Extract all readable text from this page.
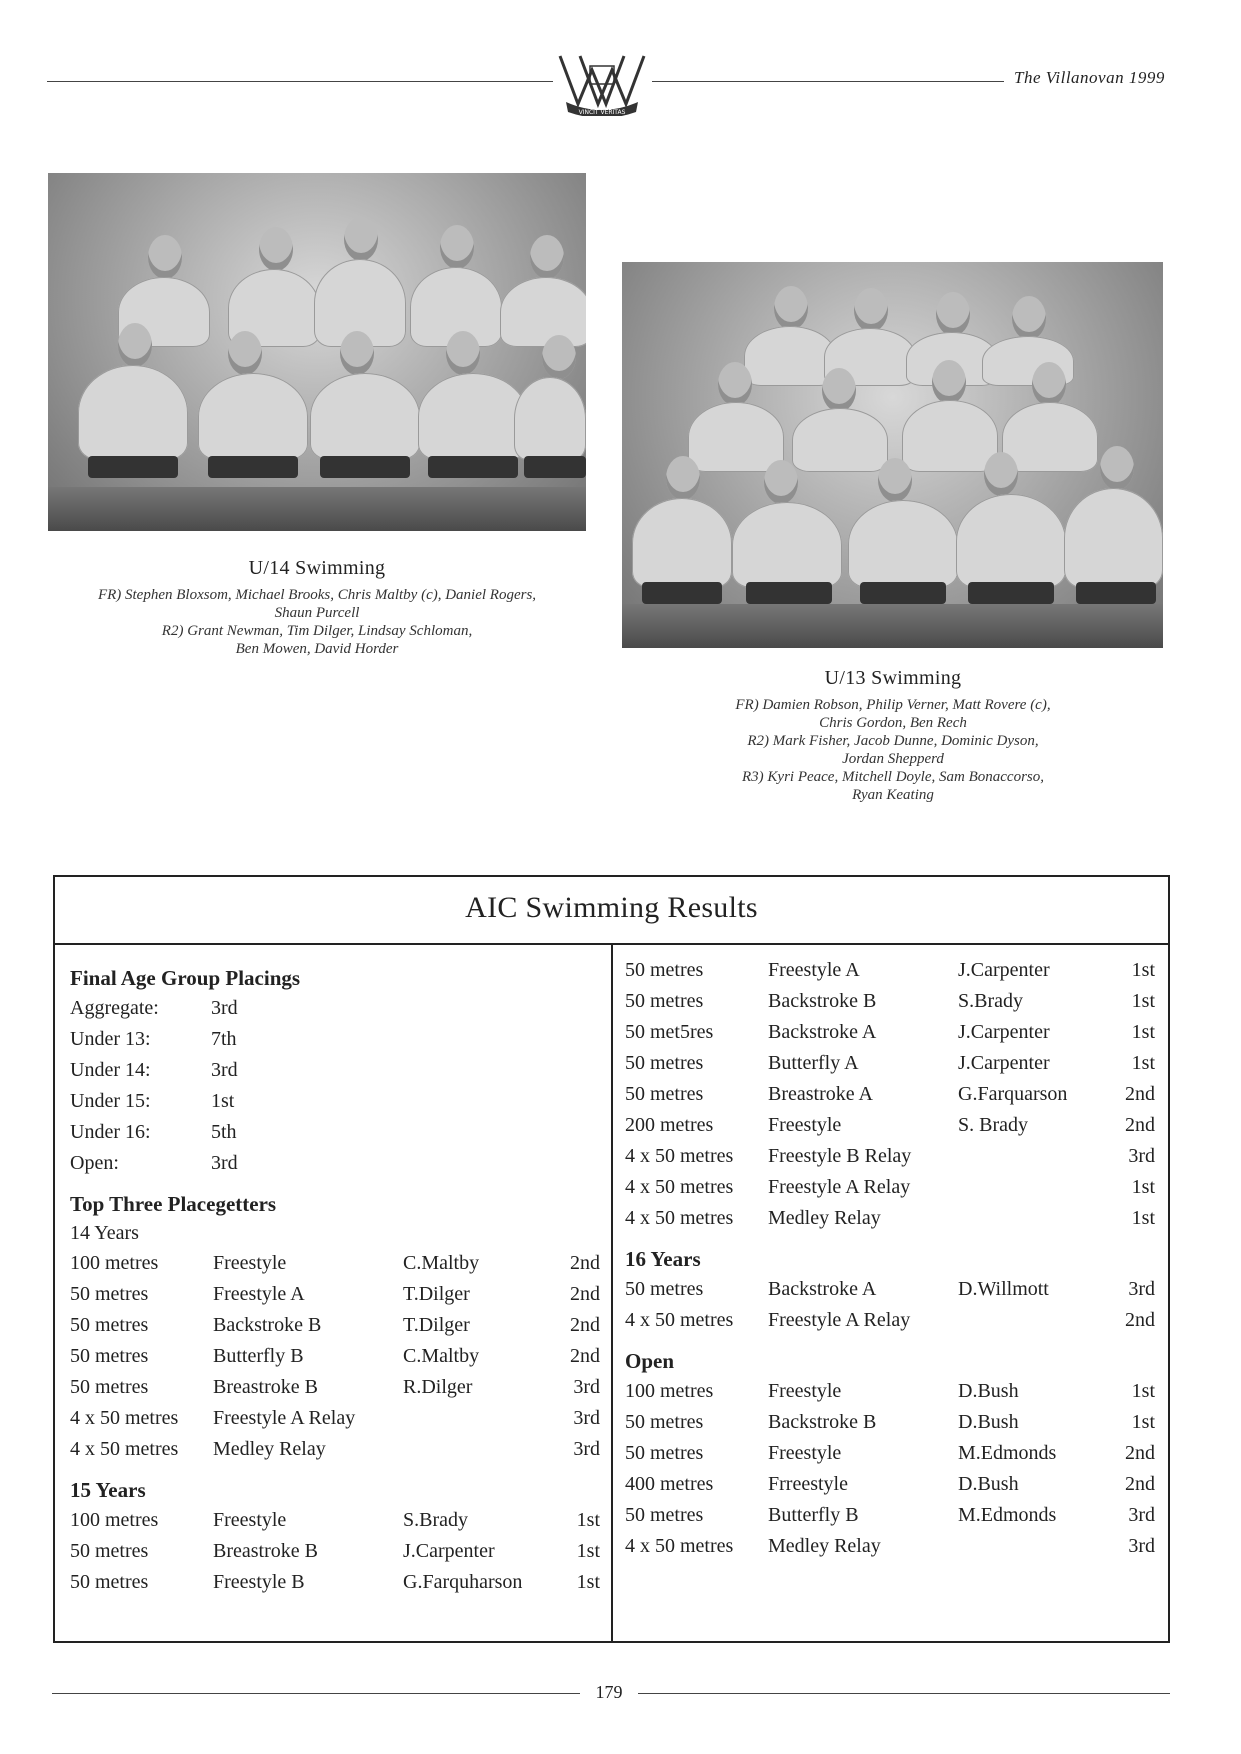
VINCIT VERITAS
The Villanovan 1999
U/14 Swimming
FR) Stephen Bloxsom, Michael Brooks, Chris Maltby (c), Daniel Rogers,
Shaun Purcell
R2) Grant Newman, Tim Dilger, Lindsay Schloman,
Ben Mowen, David Horder
U/13 Swimming
FR) Damien Robson, Philip Verner, Matt Rovere (c),
Chris Gordon, Ben Rech
R2) Mark Fisher, Jacob Dunne, Dominic Dyson,
Jordan Shepperd
R3) Kyri Peace, Mitchell Doyle, Sam Bonaccorso,
Ryan Keating
AIC Swimming Results
Final Age Group Placings
Aggregate:	3rd
Under 13:	7th
Under 14:	3rd
Under 15:	1st
Under 16:	5th
Open:	3rd
Top Three Placegetters
14 Years
100 metres	Freestyle	C.Maltby	2nd
50 metres	Freestyle A	T.Dilger	2nd
50 metres	Backstroke B	T.Dilger	2nd
50 metres	Butterfly B	C.Maltby	2nd
50 metres	Breastroke B	R.Dilger	3rd
4 x 50 metres Freestyle A Relay	3rd
4 x 50 metres Medley Relay	3rd
15 Years
100 metres	Freestyle	S.Brady	1st
50 metres	Breastroke B	J.Carpenter	1st
50 metres	Freestyle B	G.Farquharson	1st
50 metres	Freestyle A	J.Carpenter	1st
50 metres	Backstroke B	S.Brady	1st
50 met5res	Backstroke A	J.Carpenter	1st
50 metres	Butterfly A	J.Carpenter	1st
50 metres	Breastroke A	G.Farquarson	2nd
200 metres	Freestyle	S. Brady	2nd
4 x 50 metres Freestyle B Relay	3rd
4 x 50 metres Freestyle A Relay	1st
4 x 50 metres Medley Relay	1st
16 Years
50 metres	Backstroke A	D.Willmott	3rd
4 x 50 metres Freestyle A Relay	2nd
Open
100 metres	Freestyle	D.Bush	1st
50 metres	Backstroke B	D.Bush	1st
50 metres	Freestyle	M.Edmonds	2nd
400 metres	Frreestyle	D.Bush	2nd
50 metres	Butterfly B	M.Edmonds	3rd
4 x 50 metres Medley Relay	3rd
179
